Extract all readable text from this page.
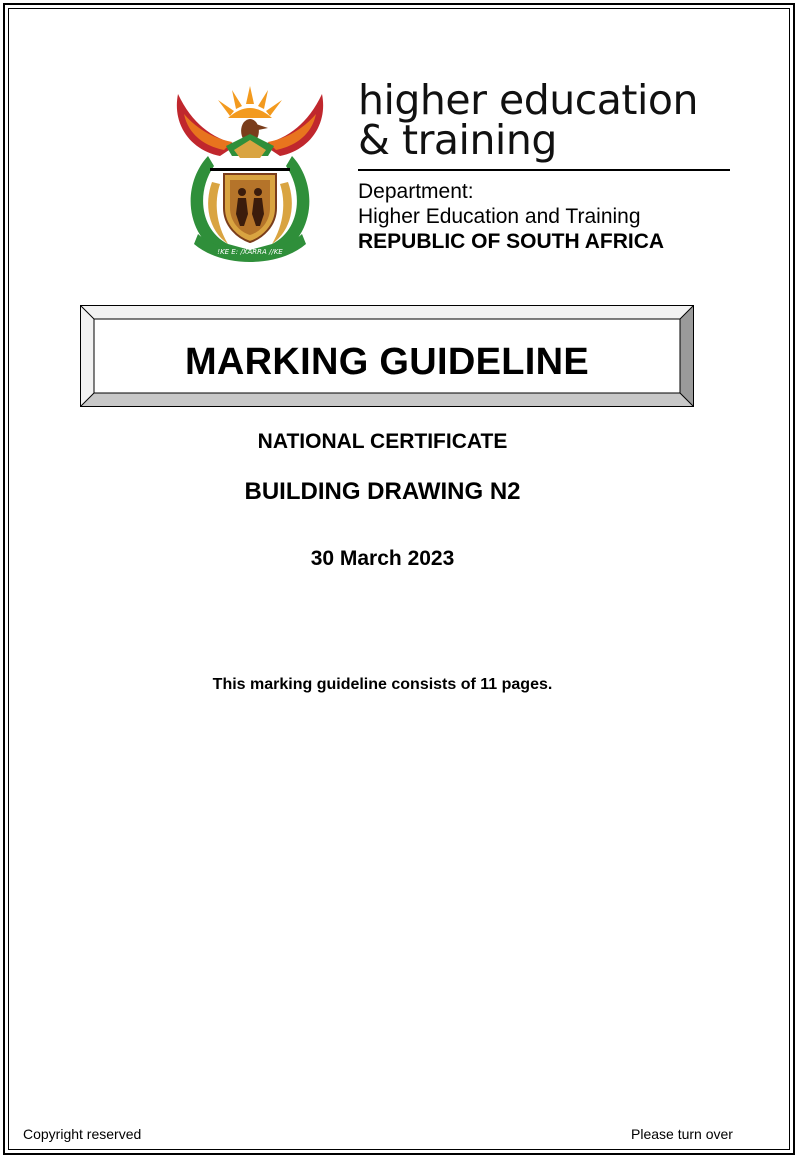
!KE E: /XARRA //KE
higher education
& training
Department:
Higher Education and Training
REPUBLIC OF SOUTH AFRICA
MARKING GUIDELINE
NATIONAL CERTIFICATE
BUILDING DRAWING N2
30 March 2023
This marking guideline consists of 11 pages.
Copyright reserved	Please turn over
